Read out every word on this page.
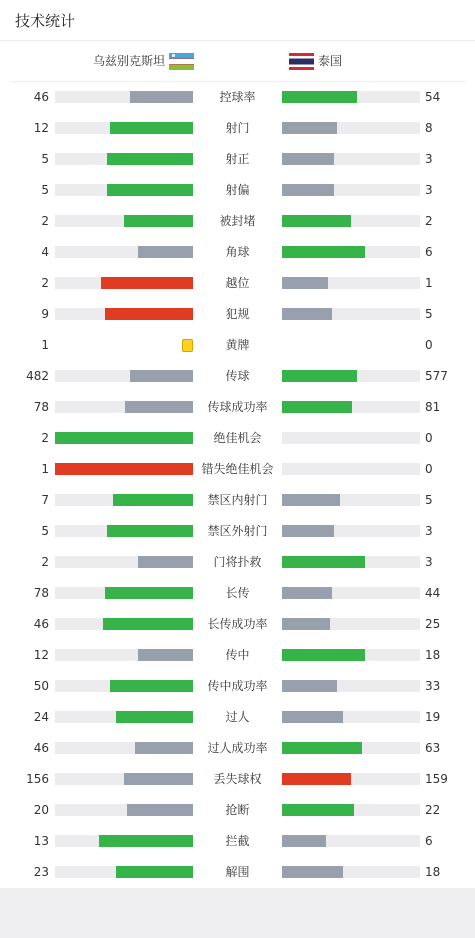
技术统计
乌兹别克斯坦	泰国
46	控球率	54
12	射门	8
5	射正	3
5	射偏	3
2	被封堵	2
4	角球	6
2	越位	1
9	犯规	5
1	黄牌	0
482	传球	577
78	传球成功率	81
2	绝佳机会	0
1	错失绝佳机会	0
7	禁区内射门	5
5	禁区外射门	3
2	门将扑救	3
78	长传	44
46	长传成功率	25
12	传中	18
50	传中成功率	33
24	过人	19
46	过人成功率	63
156	丢失球权	159
20	抢断	22
13	拦截	6
23	解围	18
